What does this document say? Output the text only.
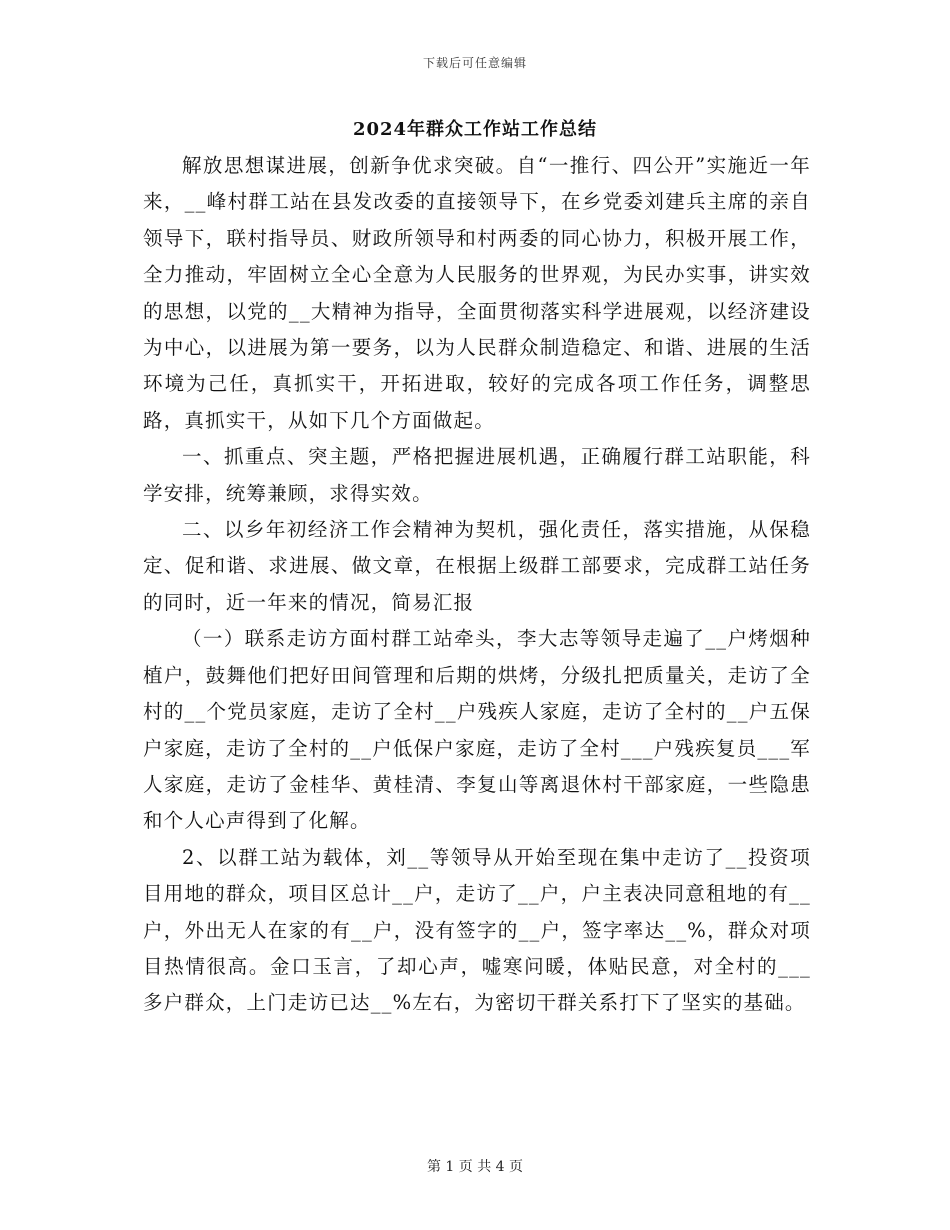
下载后可任意编辑
2024年群众工作站工作总结

解放思想谋进展，创新争优求突破。自“一推行、四公开”实施近一年来，__峰村群工站在县发改委的直接领导下，在乡党委刘建兵主席的亲自领导下，联村指导员、财政所领导和村两委的同心协力，积极开展工作，全力推动，牢固树立全心全意为人民服务的世界观，为民办实事，讲实效的思想，以党的__大精神为指导，全面贯彻落实科学进展观，以经济建设为中心，以进展为第一要务，以为人民群众制造稳定、和谐、进展的生活环境为己任，真抓实干，开拓进取，较好的完成各项工作任务，调整思路，真抓实干，从如下几个方面做起。

一、抓重点、突主题，严格把握进展机遇，正确履行群工站职能，科学安排，统筹兼顾，求得实效。

二、以乡年初经济工作会精神为契机，强化责任，落实措施，从保稳定、促和谐、求进展、做文章，在根据上级群工部要求，完成群工站任务的同时，近一年来的情况，简易汇报

（一）联系走访方面村群工站牵头，李大志等领导走遍了__户烤烟种植户，鼓舞他们把好田间管理和后期的烘烤，分级扎把质量关，走访了全村的__个党员家庭，走访了全村__户残疾人家庭，走访了全村的__户五保户家庭，走访了全村的__户低保户家庭，走访了全村___户残疾复员___军人家庭，走访了金桂华、黄桂清、李复山等离退休村干部家庭，一些隐患和个人心声得到了化解。

2、以群工站为载体，刘__等领导从开始至现在集中走访了__投资项目用地的群众，项目区总计__户，走访了__户，户主表决同意租地的有__户，外出无人在家的有__户，没有签字的__户，签字率达__%，群众对项目热情很高。金口玉言，了却心声，嘘寒问暖，体贴民意，对全村的___多户群众，上门走访已达__%左右，为密切干群关系打下了坚实的基础。

第 1 页 共 4 页
